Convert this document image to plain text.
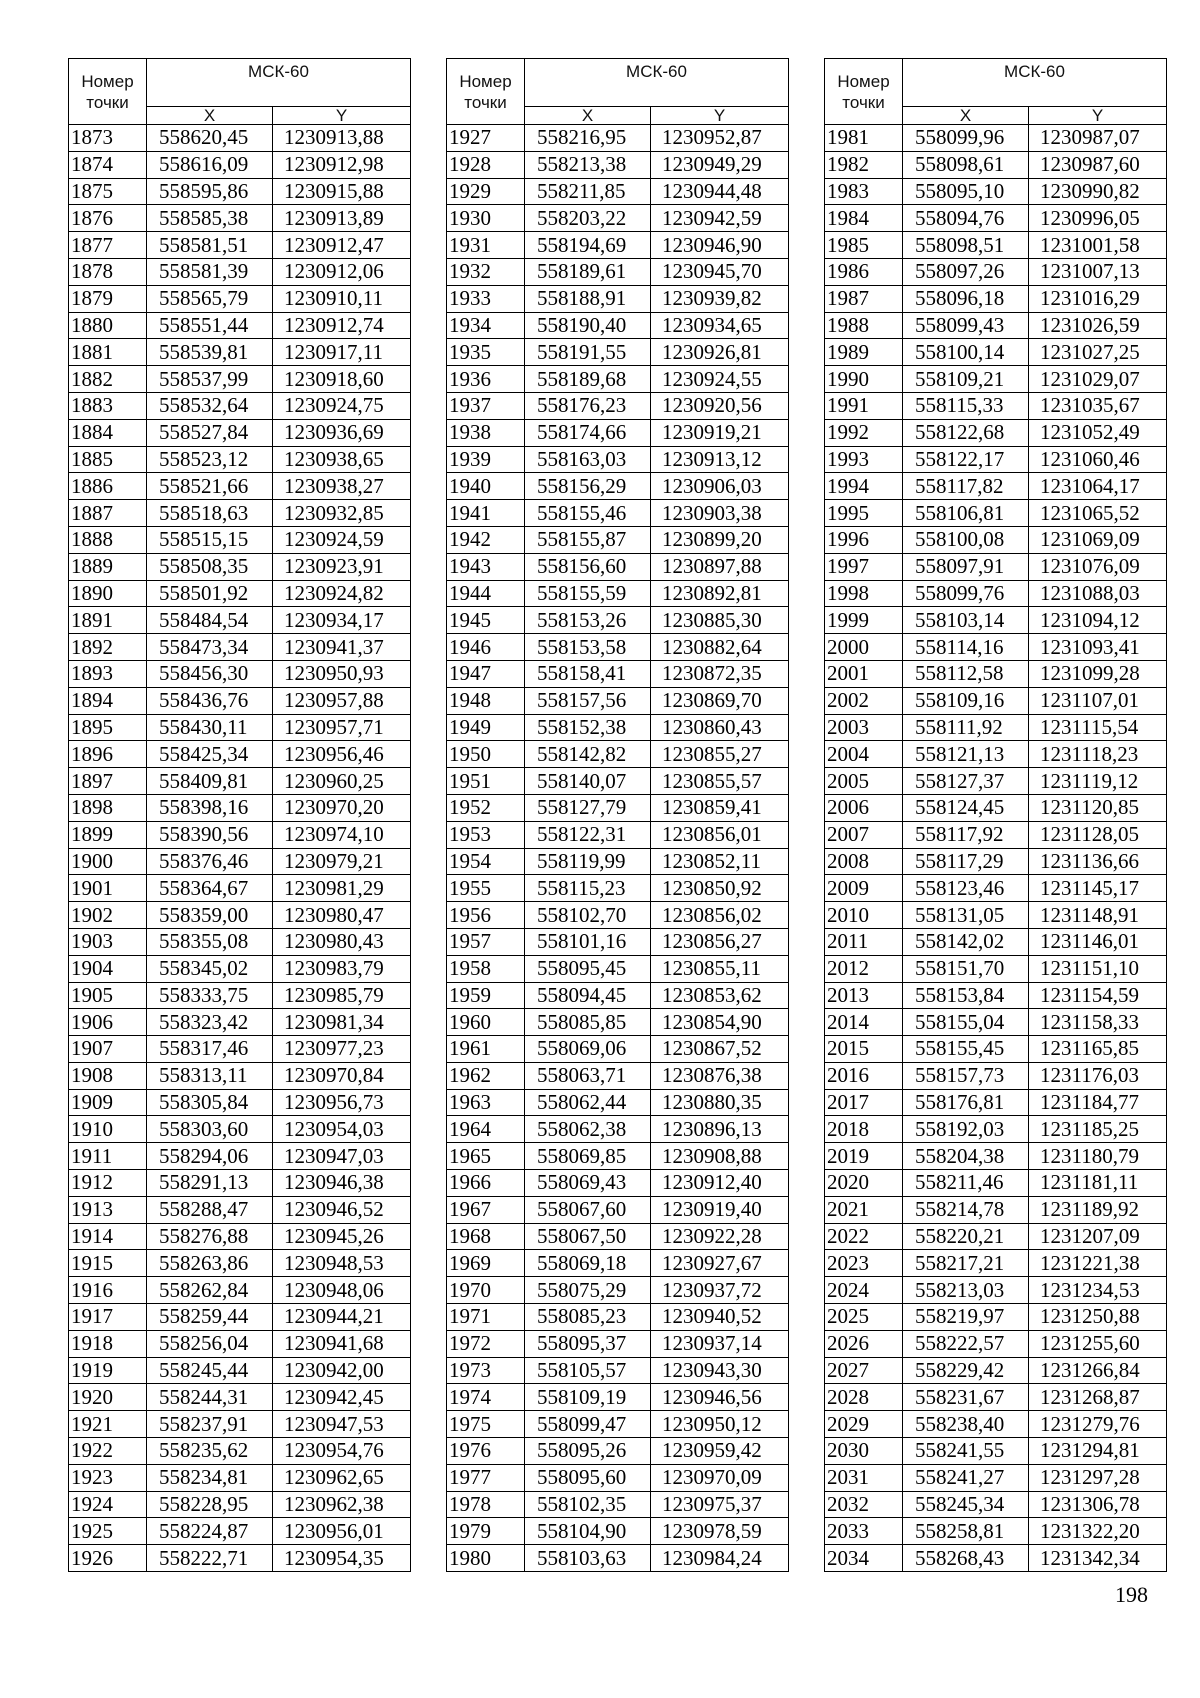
Номер
точки	МСК-60	
	X	Y
1873	558620,45	1230913,88
1874	558616,09	1230912,98
1875	558595,86	1230915,88
1876	558585,38	1230913,89
1877	558581,51	1230912,47
1878	558581,39	1230912,06
1879	558565,79	1230910,11
1880	558551,44	1230912,74
1881	558539,81	1230917,11
1882	558537,99	1230918,60
1883	558532,64	1230924,75
1884	558527,84	1230936,69
1885	558523,12	1230938,65
1886	558521,66	1230938,27
1887	558518,63	1230932,85
1888	558515,15	1230924,59
1889	558508,35	1230923,91
1890	558501,92	1230924,82
1891	558484,54	1230934,17
1892	558473,34	1230941,37
1893	558456,30	1230950,93
1894	558436,76	1230957,88
1895	558430,11	1230957,71
1896	558425,34	1230956,46
1897	558409,81	1230960,25
1898	558398,16	1230970,20
1899	558390,56	1230974,10
1900	558376,46	1230979,21
1901	558364,67	1230981,29
1902	558359,00	1230980,47
1903	558355,08	1230980,43
1904	558345,02	1230983,79
1905	558333,75	1230985,79
1906	558323,42	1230981,34
1907	558317,46	1230977,23
1908	558313,11	1230970,84
1909	558305,84	1230956,73
1910	558303,60	1230954,03
1911	558294,06	1230947,03
1912	558291,13	1230946,38
1913	558288,47	1230946,52
1914	558276,88	1230945,26
1915	558263,86	1230948,53
1916	558262,84	1230948,06
1917	558259,44	1230944,21
1918	558256,04	1230941,68
1919	558245,44	1230942,00
1920	558244,31	1230942,45
1921	558237,91	1230947,53
1922	558235,62	1230954,76
1923	558234,81	1230962,65
1924	558228,95	1230962,38
1925	558224,87	1230956,01
1926	558222,71	1230954,35
Номер
точки	МСК-60	
	X	Y
1927	558216,95	1230952,87
1928	558213,38	1230949,29
1929	558211,85	1230944,48
1930	558203,22	1230942,59
1931	558194,69	1230946,90
1932	558189,61	1230945,70
1933	558188,91	1230939,82
1934	558190,40	1230934,65
1935	558191,55	1230926,81
1936	558189,68	1230924,55
1937	558176,23	1230920,56
1938	558174,66	1230919,21
1939	558163,03	1230913,12
1940	558156,29	1230906,03
1941	558155,46	1230903,38
1942	558155,87	1230899,20
1943	558156,60	1230897,88
1944	558155,59	1230892,81
1945	558153,26	1230885,30
1946	558153,58	1230882,64
1947	558158,41	1230872,35
1948	558157,56	1230869,70
1949	558152,38	1230860,43
1950	558142,82	1230855,27
1951	558140,07	1230855,57
1952	558127,79	1230859,41
1953	558122,31	1230856,01
1954	558119,99	1230852,11
1955	558115,23	1230850,92
1956	558102,70	1230856,02
1957	558101,16	1230856,27
1958	558095,45	1230855,11
1959	558094,45	1230853,62
1960	558085,85	1230854,90
1961	558069,06	1230867,52
1962	558063,71	1230876,38
1963	558062,44	1230880,35
1964	558062,38	1230896,13
1965	558069,85	1230908,88
1966	558069,43	1230912,40
1967	558067,60	1230919,40
1968	558067,50	1230922,28
1969	558069,18	1230927,67
1970	558075,29	1230937,72
1971	558085,23	1230940,52
1972	558095,37	1230937,14
1973	558105,57	1230943,30
1974	558109,19	1230946,56
1975	558099,47	1230950,12
1976	558095,26	1230959,42
1977	558095,60	1230970,09
1978	558102,35	1230975,37
1979	558104,90	1230978,59
1980	558103,63	1230984,24
Номер
точки	МСК-60	
	X	Y
1981	558099,96	1230987,07
1982	558098,61	1230987,60
1983	558095,10	1230990,82
1984	558094,76	1230996,05
1985	558098,51	1231001,58
1986	558097,26	1231007,13
1987	558096,18	1231016,29
1988	558099,43	1231026,59
1989	558100,14	1231027,25
1990	558109,21	1231029,07
1991	558115,33	1231035,67
1992	558122,68	1231052,49
1993	558122,17	1231060,46
1994	558117,82	1231064,17
1995	558106,81	1231065,52
1996	558100,08	1231069,09
1997	558097,91	1231076,09
1998	558099,76	1231088,03
1999	558103,14	1231094,12
2000	558114,16	1231093,41
2001	558112,58	1231099,28
2002	558109,16	1231107,01
2003	558111,92	1231115,54
2004	558121,13	1231118,23
2005	558127,37	1231119,12
2006	558124,45	1231120,85
2007	558117,92	1231128,05
2008	558117,29	1231136,66
2009	558123,46	1231145,17
2010	558131,05	1231148,91
2011	558142,02	1231146,01
2012	558151,70	1231151,10
2013	558153,84	1231154,59
2014	558155,04	1231158,33
2015	558155,45	1231165,85
2016	558157,73	1231176,03
2017	558176,81	1231184,77
2018	558192,03	1231185,25
2019	558204,38	1231180,79
2020	558211,46	1231181,11
2021	558214,78	1231189,92
2022	558220,21	1231207,09
2023	558217,21	1231221,38
2024	558213,03	1231234,53
2025	558219,97	1231250,88
2026	558222,57	1231255,60
2027	558229,42	1231266,84
2028	558231,67	1231268,87
2029	558238,40	1231279,76
2030	558241,55	1231294,81
2031	558241,27	1231297,28
2032	558245,34	1231306,78
2033	558258,81	1231322,20
2034	558268,43	1231342,34
198
